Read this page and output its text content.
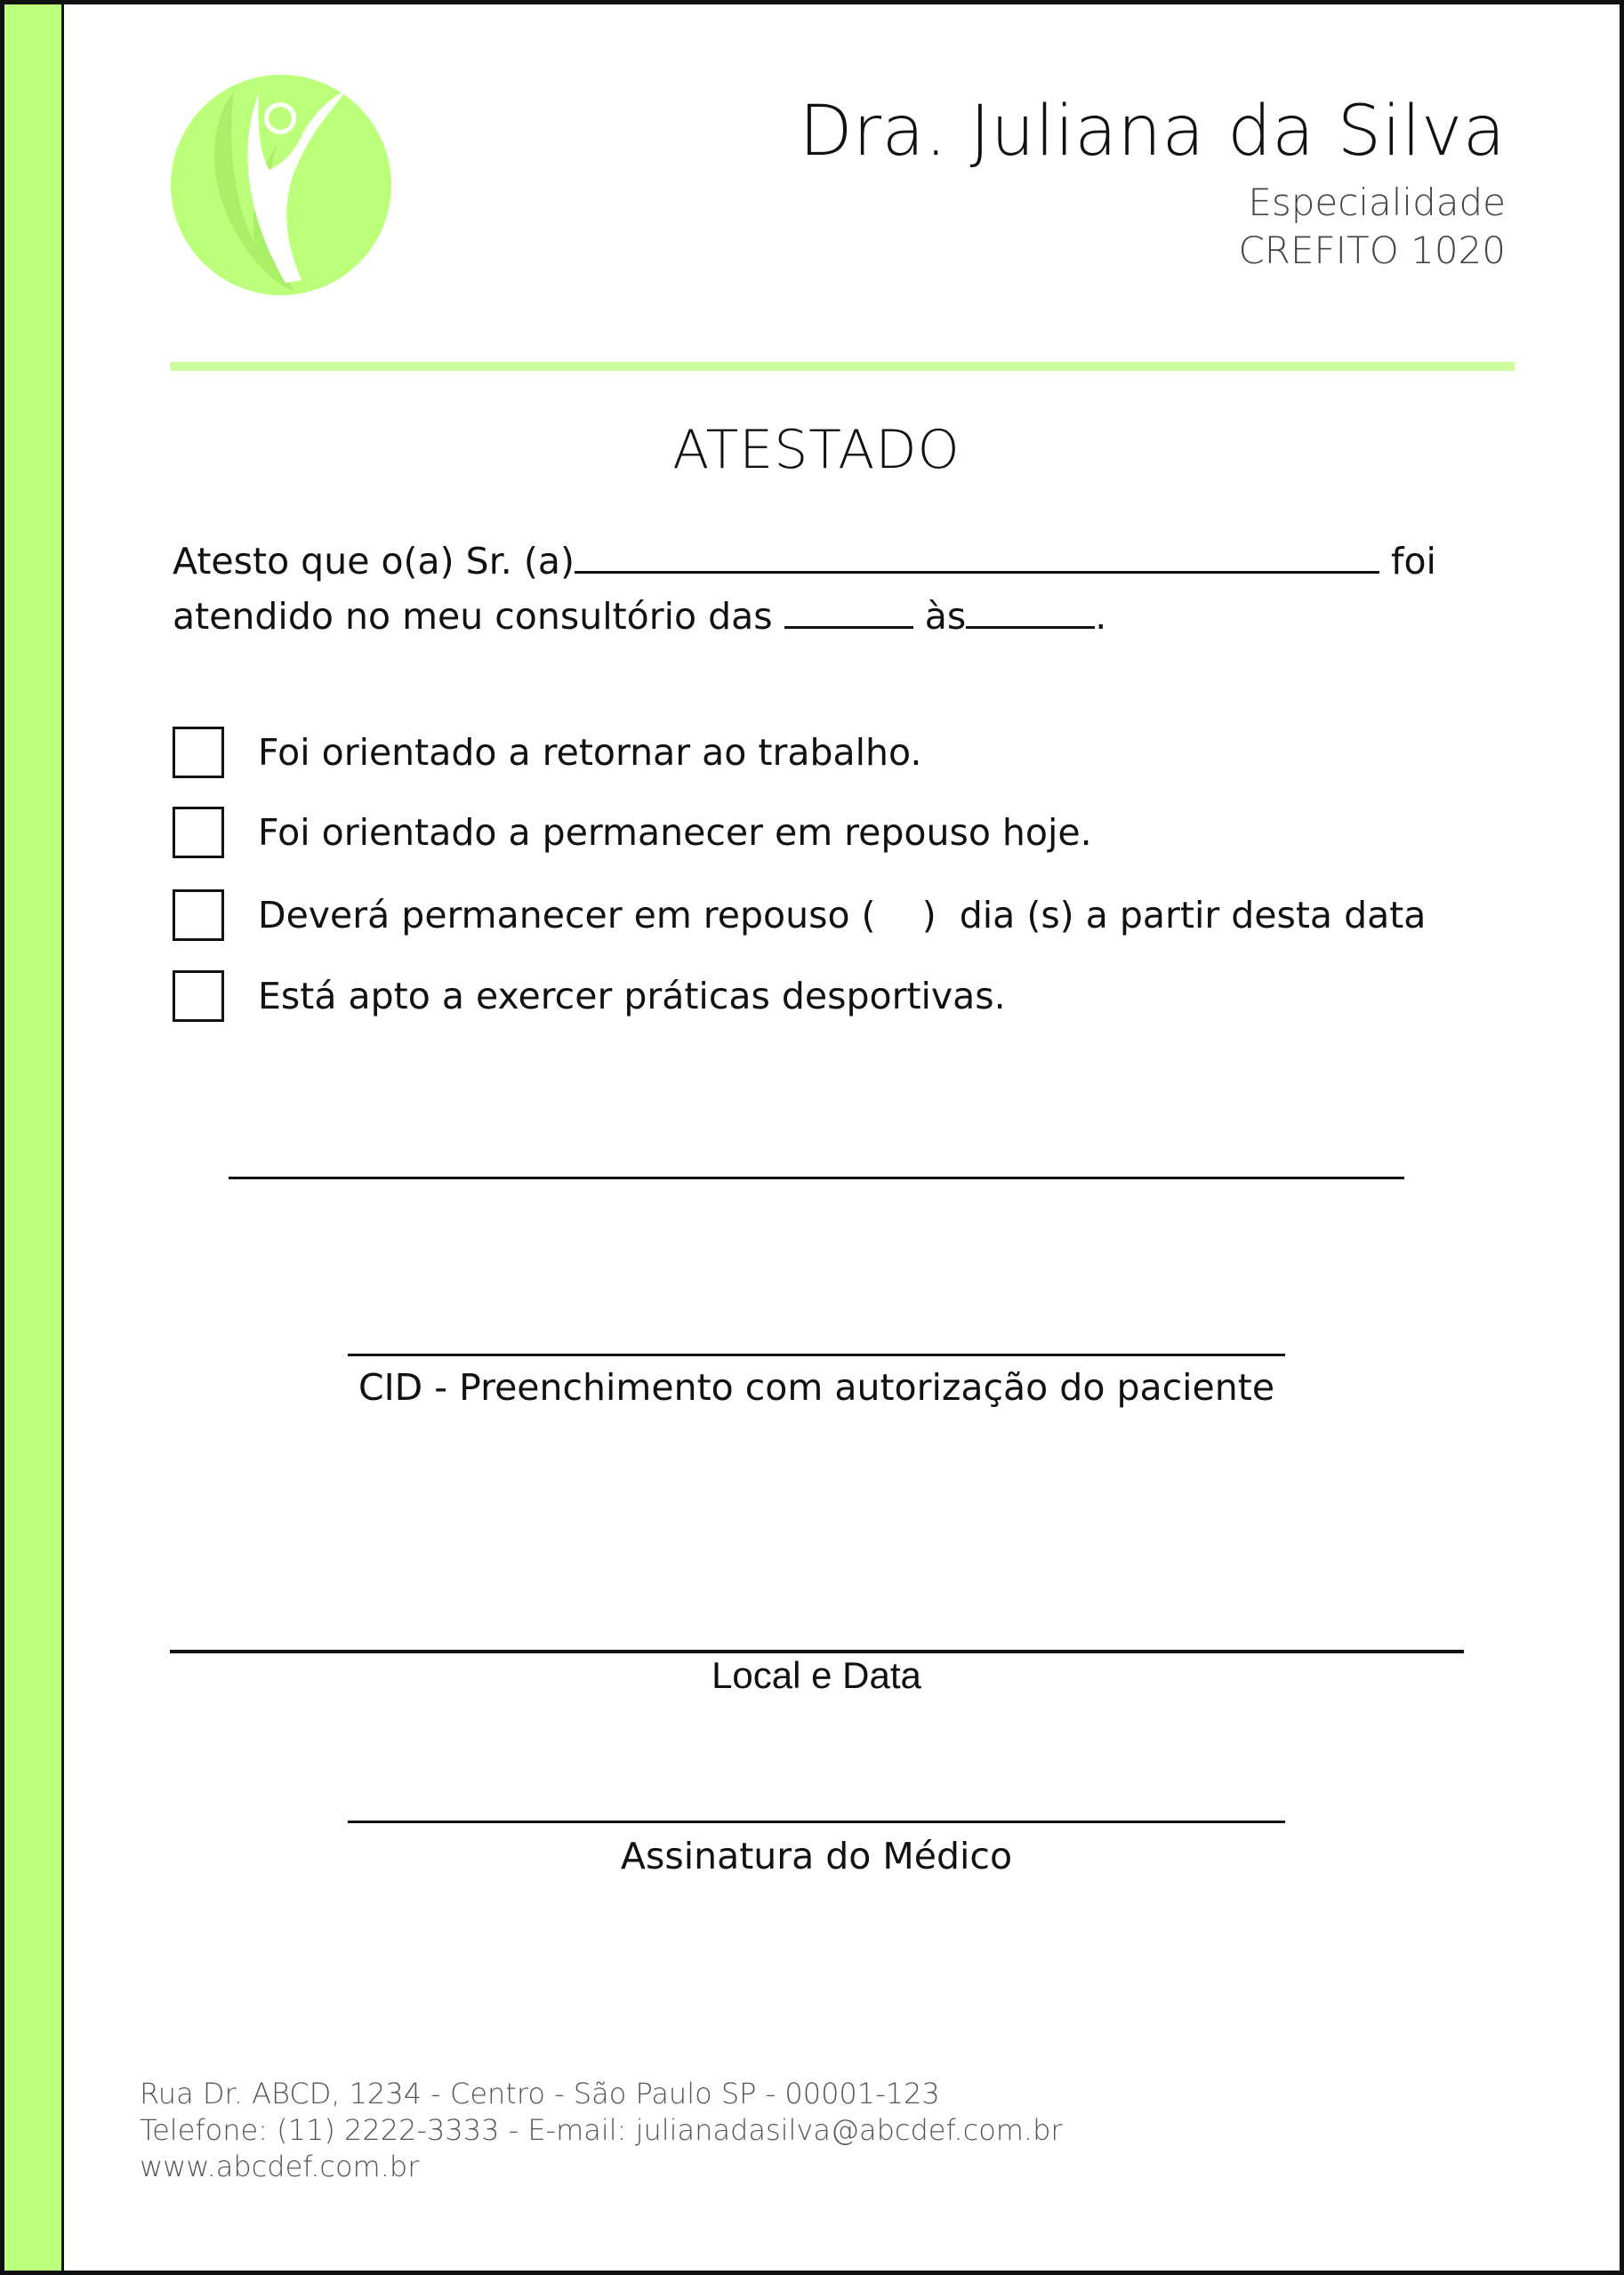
Dra. Juliana da Silva
Especialidade
CREFITO 1020
ATESTADO
Atesto que o(a) Sr. (a)	foi
atendido no meu consultório das	às	.
Foi orientado a retornar ao trabalho.
Foi orientado a permanecer em repouso hoje.
Deverá permanecer em repouso (    )  dia (s) a partir desta data
Está apto a exercer práticas desportivas.
CID - Preenchimento com autorização do paciente
Local e Data
Assinatura do Médico
Rua Dr. ABCD, 1234 - Centro - São Paulo SP - 00001-123
Telefone: (11) 2222-3333 - E-mail: julianadasilva@abcdef.com.br
www.abcdef.com.br
